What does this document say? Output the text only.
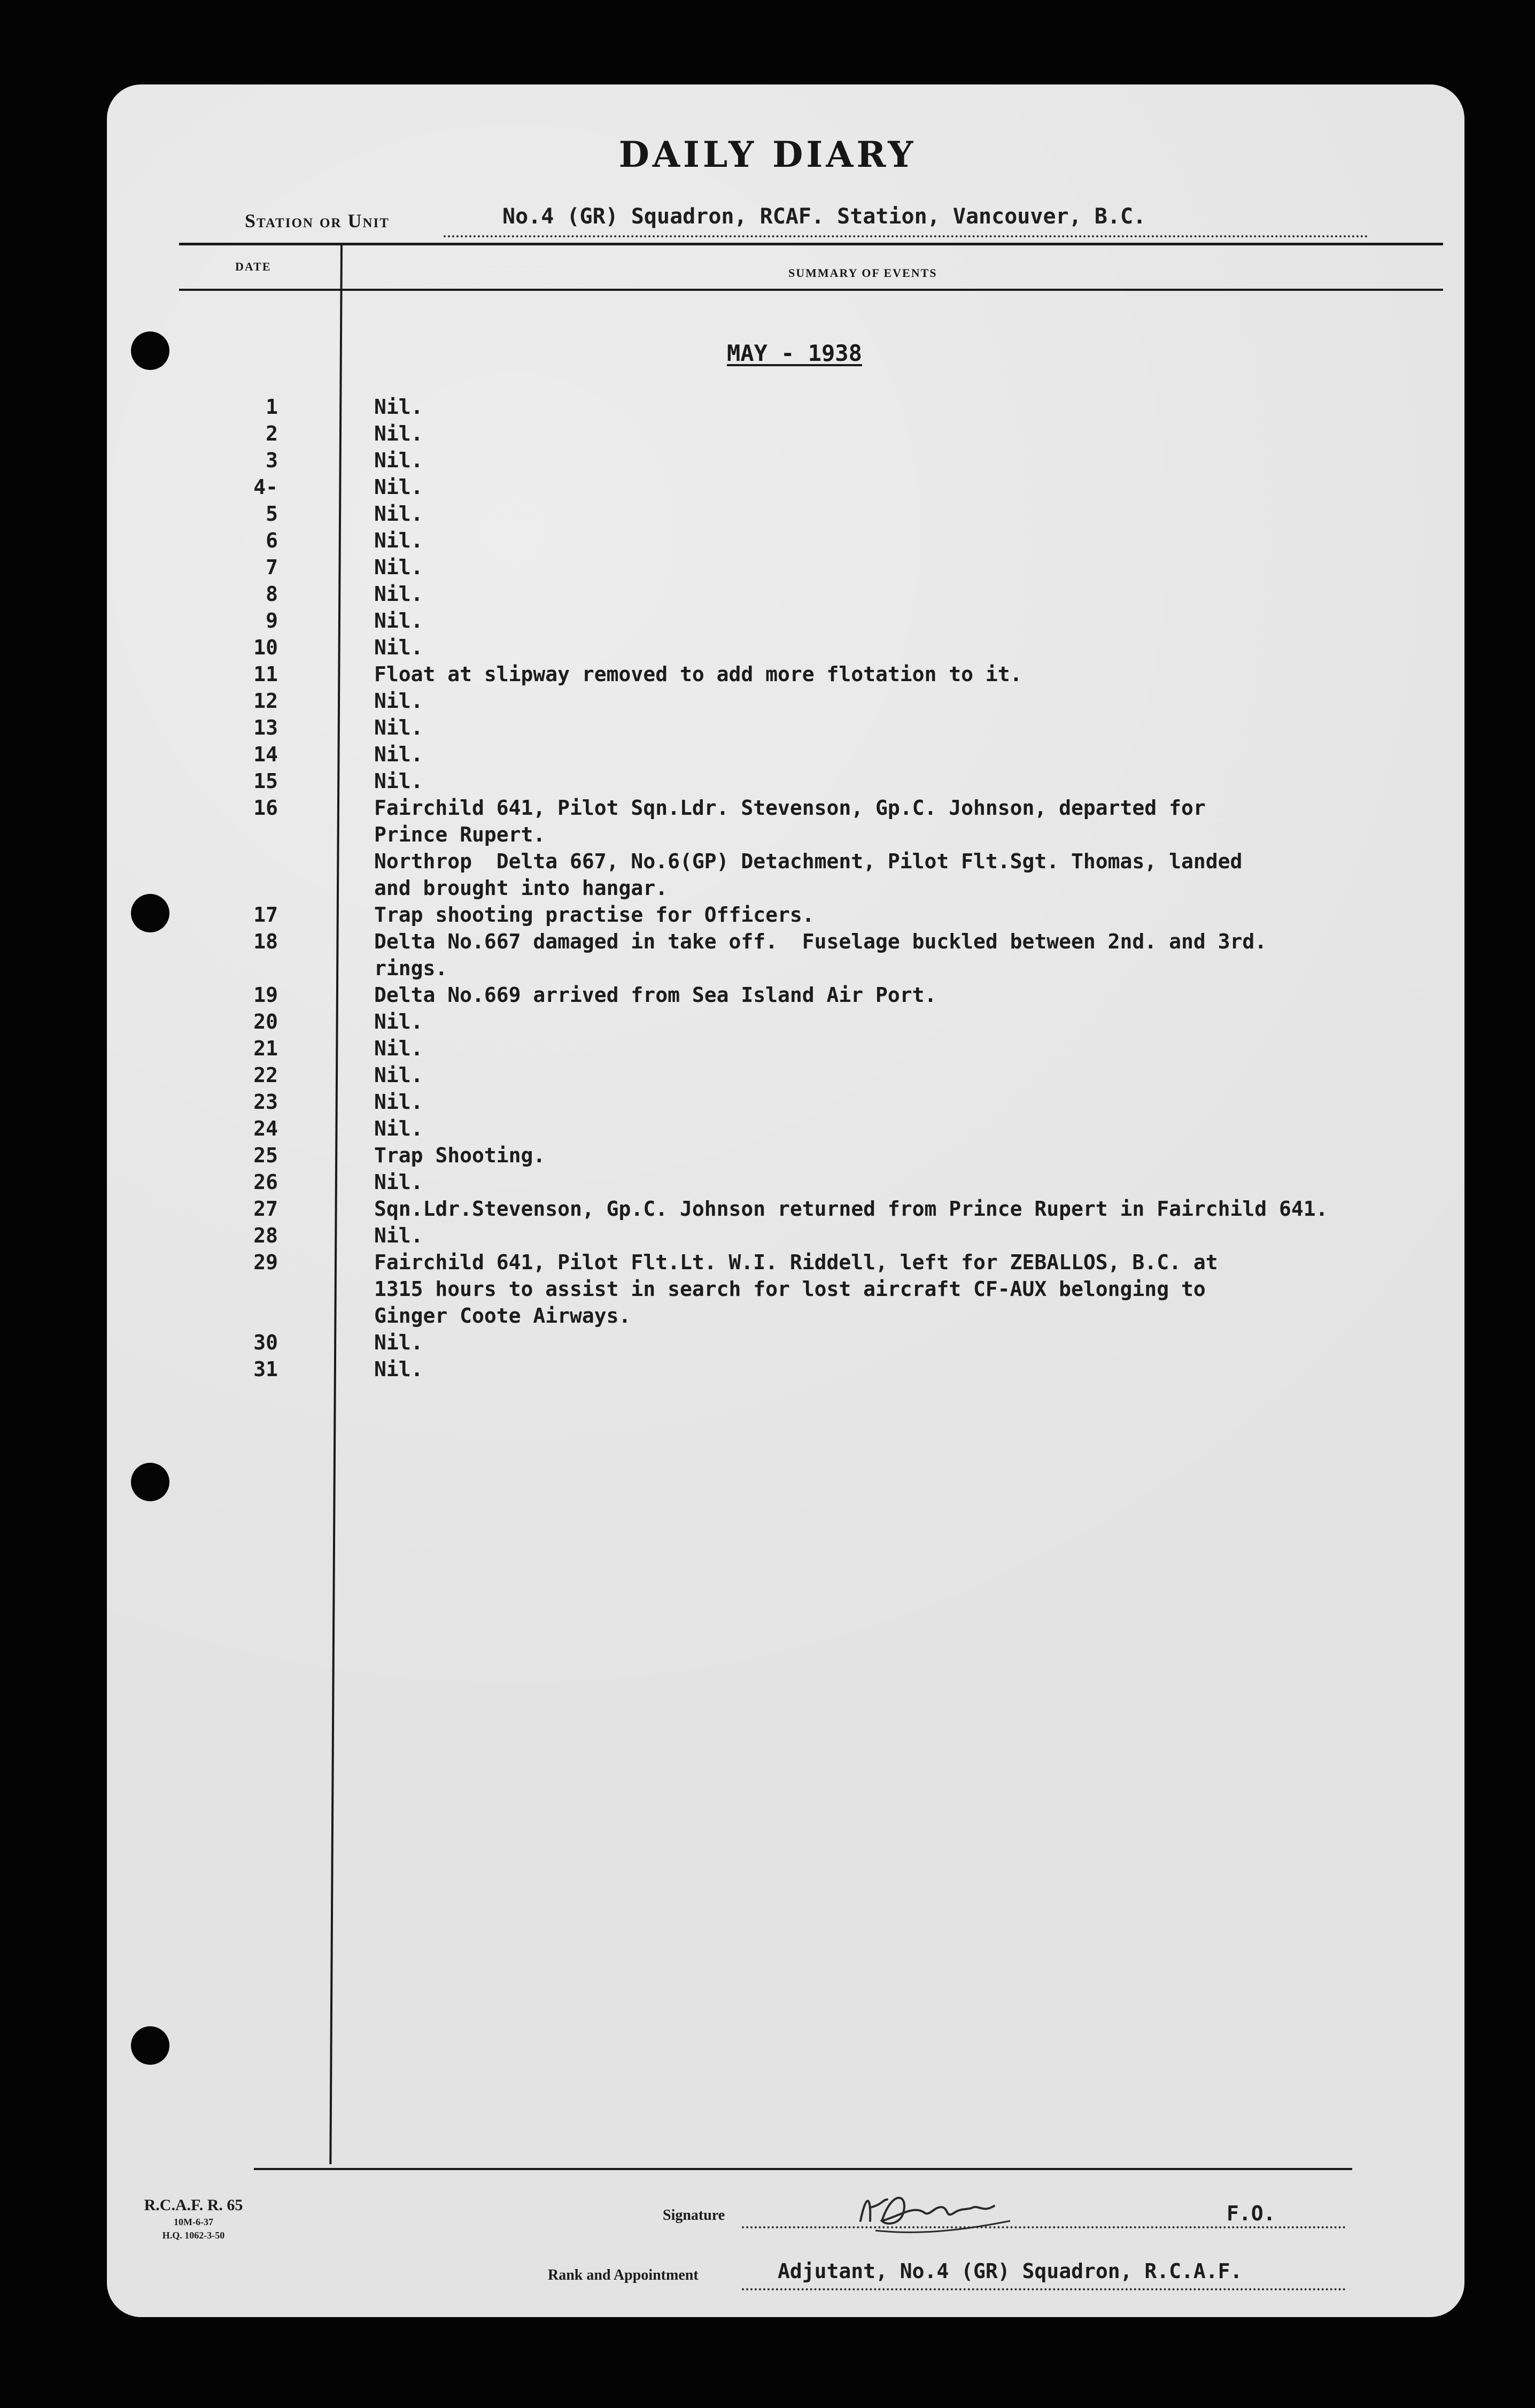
DAILY DIARY
Station or Unit	No.4 (GR) Squadron, RCAF. Station, Vancouver, B.C.
DATE	SUMMARY OF EVENTS
MAY - 1938
1	Nil.
2	Nil.
3	Nil.
4-	Nil.
5	Nil.
6	Nil.
7	Nil.
8	Nil.
9	Nil.
10	Nil.
11	Float at slipway removed to add more flotation to it.
12	Nil.
13	Nil.
14	Nil.
15	Nil.
16	Fairchild 641, Pilot Sqn.Ldr. Stevenson, Gp.C. Johnson, departed for
Prince Rupert.
Northrop  Delta 667, No.6(GP) Detachment, Pilot Flt.Sgt. Thomas, landed
and brought into hangar.
17	Trap shooting practise for Officers.
18	Delta No.667 damaged in take off.  Fuselage buckled between 2nd. and 3rd.
rings.
19	Delta No.669 arrived from Sea Island Air Port.
20	Nil.
21	Nil.
22	Nil.
23	Nil.
24	Nil.
25	Trap Shooting.
26	Nil.
27	Sqn.Ldr.Stevenson, Gp.C. Johnson returned from Prince Rupert in Fairchild 641.
28	Nil.
29	Fairchild 641, Pilot Flt.Lt. W.I. Riddell, left for ZEBALLOS, B.C. at
1315 hours to assist in search for lost aircraft CF-AUX belonging to
Ginger Coote Airways.
30	Nil.
31	Nil.
R.C.A.F. R. 65
10M-6-37
H.Q. 1062-3-50
Signature	F.O.
Rank and Appointment	Adjutant, No.4 (GR) Squadron, R.C.A.F.
